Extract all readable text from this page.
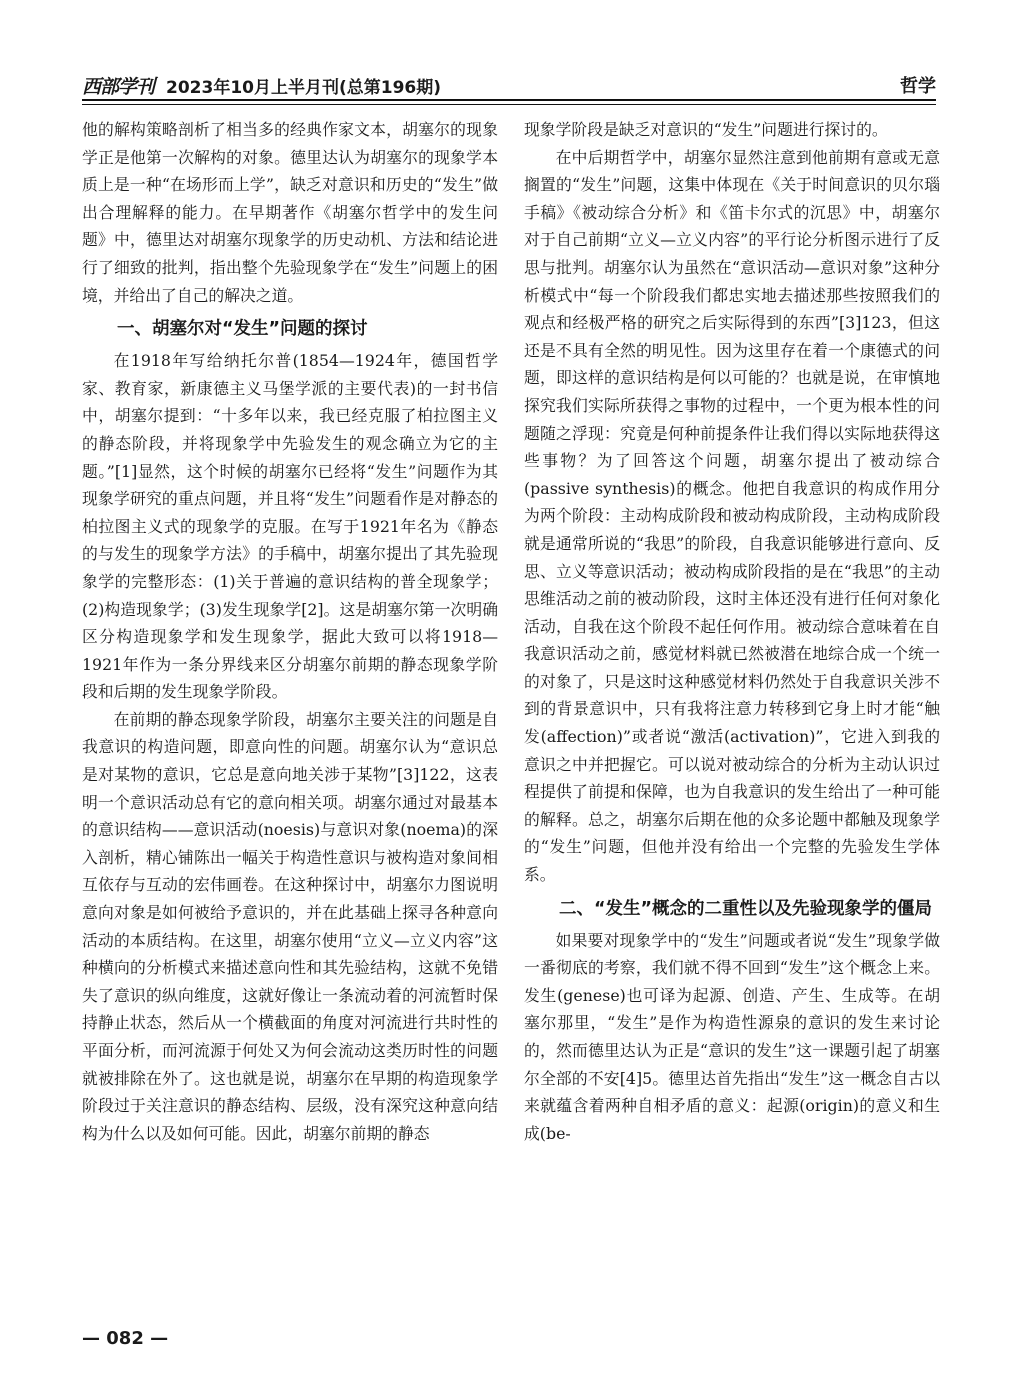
西部学刊 2023年10月上半月刊(总第196期)	哲学

他的解构策略剖析了相当多的经典作家文本，胡塞尔的现象学正是他第一次解构的对象。德里达认为胡塞尔的现象学本质上是一种“在场形而上学”，缺乏对意识和历史的“发生”做出合理解释的能力。在早期著作《胡塞尔哲学中的发生问题》中，德里达对胡塞尔现象学的历史动机、方法和结论进行了细致的批判，指出整个先验现象学在“发生”问题上的困境，并给出了自己的解决之道。

一、胡塞尔对“发生”问题的探讨

在1918年写给纳托尔普(1854—1924年，德国哲学家、教育家，新康德主义马堡学派的主要代表)的一封书信中，胡塞尔提到：“十多年以来，我已经克服了柏拉图主义的静态阶段，并将现象学中先验发生的观念确立为它的主题。”[1]显然，这个时候的胡塞尔已经将“发生”问题作为其现象学研究的重点问题，并且将“发生”问题看作是对静态的柏拉图主义式的现象学的克服。在写于1921年名为《静态的与发生的现象学方法》的手稿中，胡塞尔提出了其先验现象学的完整形态：(1)关于普遍的意识结构的普全现象学；(2)构造现象学；(3)发生现象学[2]。这是胡塞尔第一次明确区分构造现象学和发生现象学，据此大致可以将1918—1921年作为一条分界线来区分胡塞尔前期的静态现象学阶段和后期的发生现象学阶段。

在前期的静态现象学阶段，胡塞尔主要关注的问题是自我意识的构造问题，即意向性的问题。胡塞尔认为“意识总是对某物的意识，它总是意向地关涉于某物”[3]122，这表明一个意识活动总有它的意向相关项。胡塞尔通过对最基本的意识结构——意识活动(noesis)与意识对象(noema)的深入剖析，精心铺陈出一幅关于构造性意识与被构造对象间相互依存与互动的宏伟画卷。在这种探讨中，胡塞尔力图说明意向对象是如何被给予意识的，并在此基础上探寻各种意向活动的本质结构。在这里，胡塞尔使用“立义—立义内容”这种横向的分析模式来描述意向性和其先验结构，这就不免错失了意识的纵向维度，这就好像让一条流动着的河流暂时保持静止状态，然后从一个横截面的角度对河流进行共时性的平面分析，而河流源于何处又为何会流动这类历时性的问题就被排除在外了。这也就是说，胡塞尔在早期的构造现象学阶段过于关注意识的静态结构、层级，没有深究这种意向结构为什么以及如何可能。因此，胡塞尔前期的静态

现象学阶段是缺乏对意识的“发生”问题进行探讨的。

在中后期哲学中，胡塞尔显然注意到他前期有意或无意搁置的“发生”问题，这集中体现在《关于时间意识的贝尔瑙手稿》《被动综合分析》和《笛卡尔式的沉思》中，胡塞尔对于自己前期“立义—立义内容”的平行论分析图示进行了反思与批判。胡塞尔认为虽然在“意识活动—意识对象”这种分析模式中“每一个阶段我们都忠实地去描述那些按照我们的观点和经极严格的研究之后实际得到的东西”[3]123，但这还是不具有全然的明见性。因为这里存在着一个康德式的问题，即这样的意识结构是何以可能的？也就是说，在审慎地探究我们实际所获得之事物的过程中，一个更为根本性的问题随之浮现：究竟是何种前提条件让我们得以实际地获得这些事物？为了回答这个问题，胡塞尔提出了被动综合(passive synthesis)的概念。他把自我意识的构成作用分为两个阶段：主动构成阶段和被动构成阶段，主动构成阶段就是通常所说的“我思”的阶段，自我意识能够进行意向、反思、立义等意识活动；被动构成阶段指的是在“我思”的主动思维活动之前的被动阶段，这时主体还没有进行任何对象化活动，自我在这个阶段不起任何作用。被动综合意味着在自我意识活动之前，感觉材料就已然被潜在地综合成一个统一的对象了，只是这时这种感觉材料仍然处于自我意识关涉不到的背景意识中，只有我将注意力转移到它身上时才能“触发(affection)”或者说“激活(activation)”，它进入到我的意识之中并把握它。可以说对被动综合的分析为主动认识过程提供了前提和保障，也为自我意识的发生给出了一种可能的解释。总之，胡塞尔后期在他的众多论题中都触及现象学的“发生”问题，但他并没有给出一个完整的先验发生学体系。

二、“发生”概念的二重性以及先验现象学的僵局

如果要对现象学中的“发生”问题或者说“发生”现象学做一番彻底的考察，我们就不得不回到“发生”这个概念上来。发生(genese)也可译为起源、创造、产生、生成等。在胡塞尔那里，“发生”是作为构造性源泉的意识的发生来讨论的，然而德里达认为正是“意识的发生”这一课题引起了胡塞尔全部的不安[4]5。德里达首先指出“发生”这一概念自古以来就蕴含着两种自相矛盾的意义：起源(origin)的意义和生成(be-

— 082 —
